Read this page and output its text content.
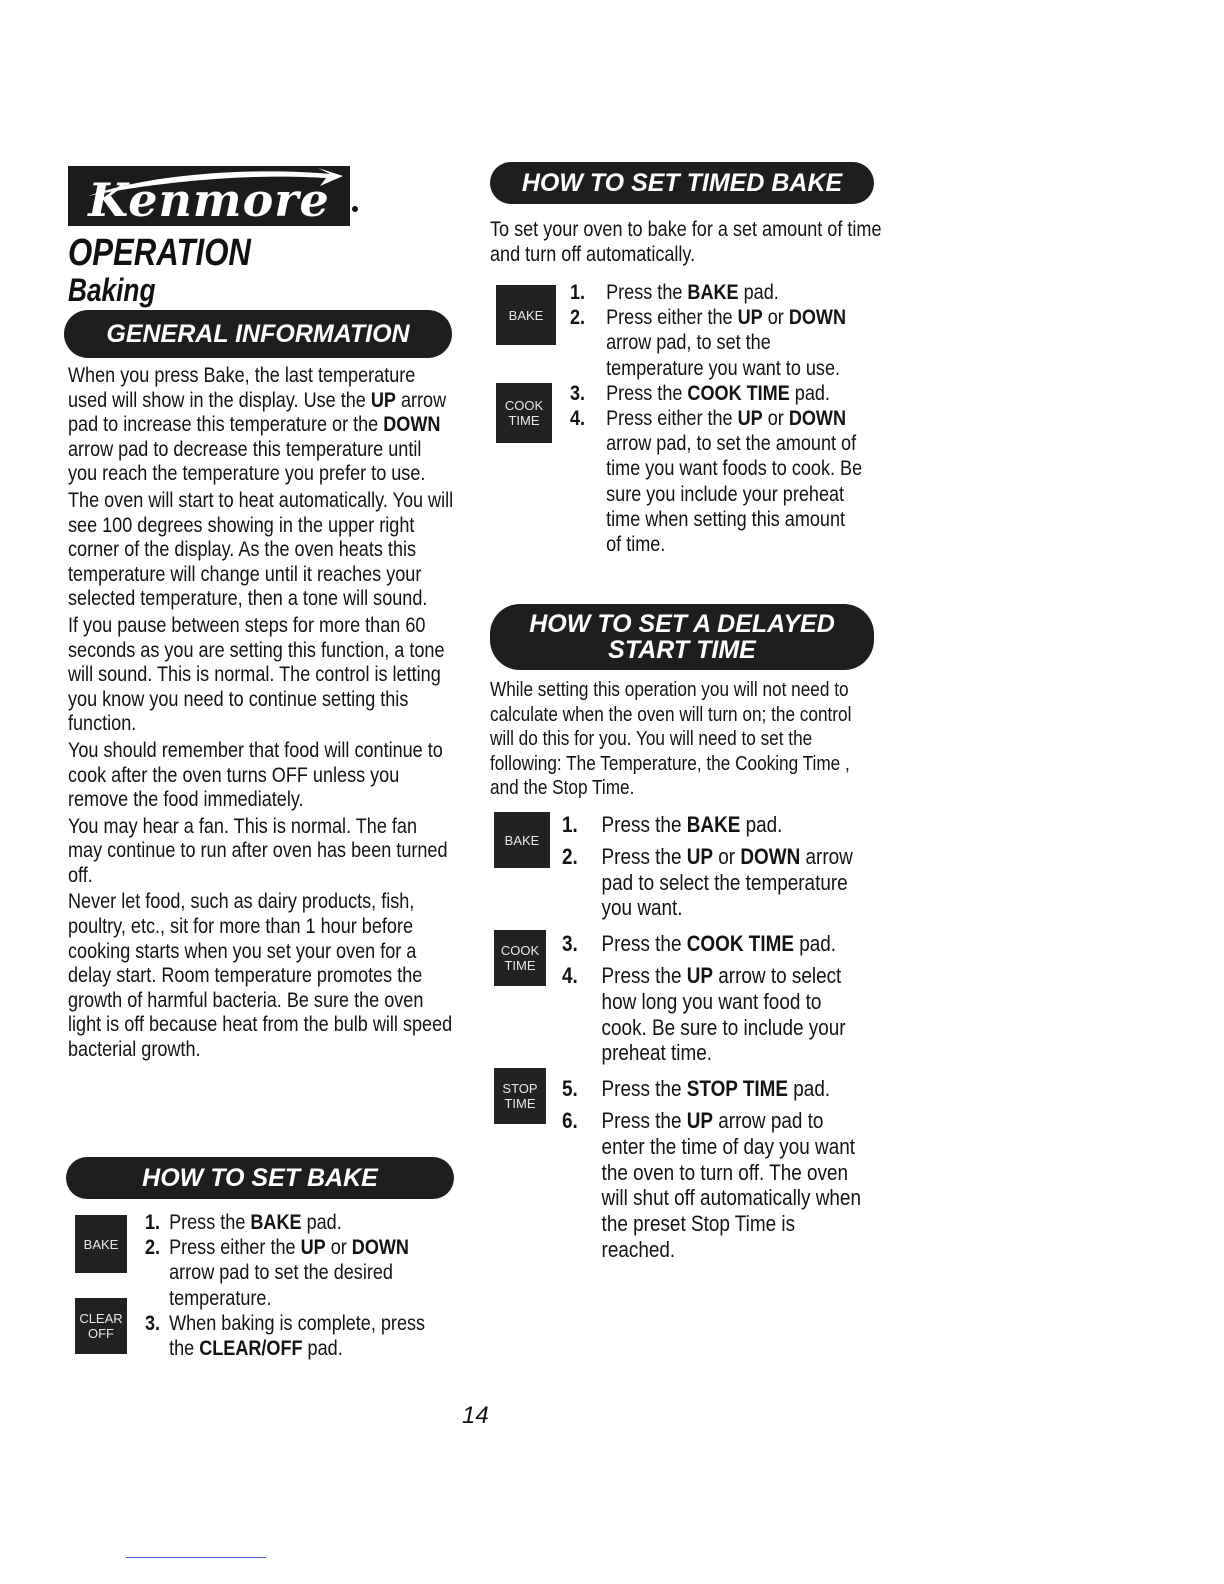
Kenmore
OPERATION
Baking
GENERAL INFORMATION

When you press Bake, the last temperature used will show in the display. Use the UP arrow pad to increase this temperature or the DOWN arrow pad to decrease this temperature until you reach the temperature you prefer to use.

The oven will start to heat automatically. You will see 100 degrees showing in the upper right corner of the display. As the oven heats this temperature will change until it reaches your selected temperature, then a tone will sound.

If you pause between steps for more than 60 seconds as you are setting this function, a tone will sound. This is normal. The control is letting you know you need to continue setting this function.

You should remember that food will continue to cook after the oven turns OFF unless you remove the food immediately.

You may hear a fan. This is normal. The fan may continue to run after oven has been turned off.

Never let food, such as dairy products, fish, poultry, etc., sit for more than 1 hour before cooking starts when you set your oven for a delay start. Room temperature promotes the growth of harmful bacteria. Be sure the oven light is off because heat from the bulb will speed bacterial growth.

HOW TO SET BAKE
BAKE
CLEAR
OFF
1. Press the BAKE pad.
2. Press either the UP or DOWN arrow pad to set the desired temperature.
3. When baking is complete, press the CLEAR/OFF pad.
HOW TO SET TIMED BAKE

To set your oven to bake for a set amount of time and turn off automatically.

BAKE
COOK
TIME
1. Press the BAKE pad.
2. Press either the UP or DOWN arrow pad, to set the temperature you want to use.
3. Press the COOK TIME pad.
4. Press either the UP or DOWN arrow pad, to set the amount of time you want foods to cook. Be sure you include your preheat time when setting this amount of time.
HOW TO SET A DELAYED
START TIME

While setting this operation you will not need to calculate when the oven will turn on; the control will do this for you. You will need to set the following: The Temperature, the Cooking Time , and the Stop Time.

BAKE
COOK
TIME
STOP
TIME
1. Press the BAKE pad.
2. Press the UP or DOWN arrow pad to select the temperature you want.
3. Press the COOK TIME pad.
4. Press the UP arrow to select how long you want food to cook. Be sure to include your preheat time.
5. Press the STOP TIME pad.
6. Press the UP arrow pad to enter the time of day you want the oven to turn off. The oven will shut off automatically when the preset Stop Time is reached.
14
